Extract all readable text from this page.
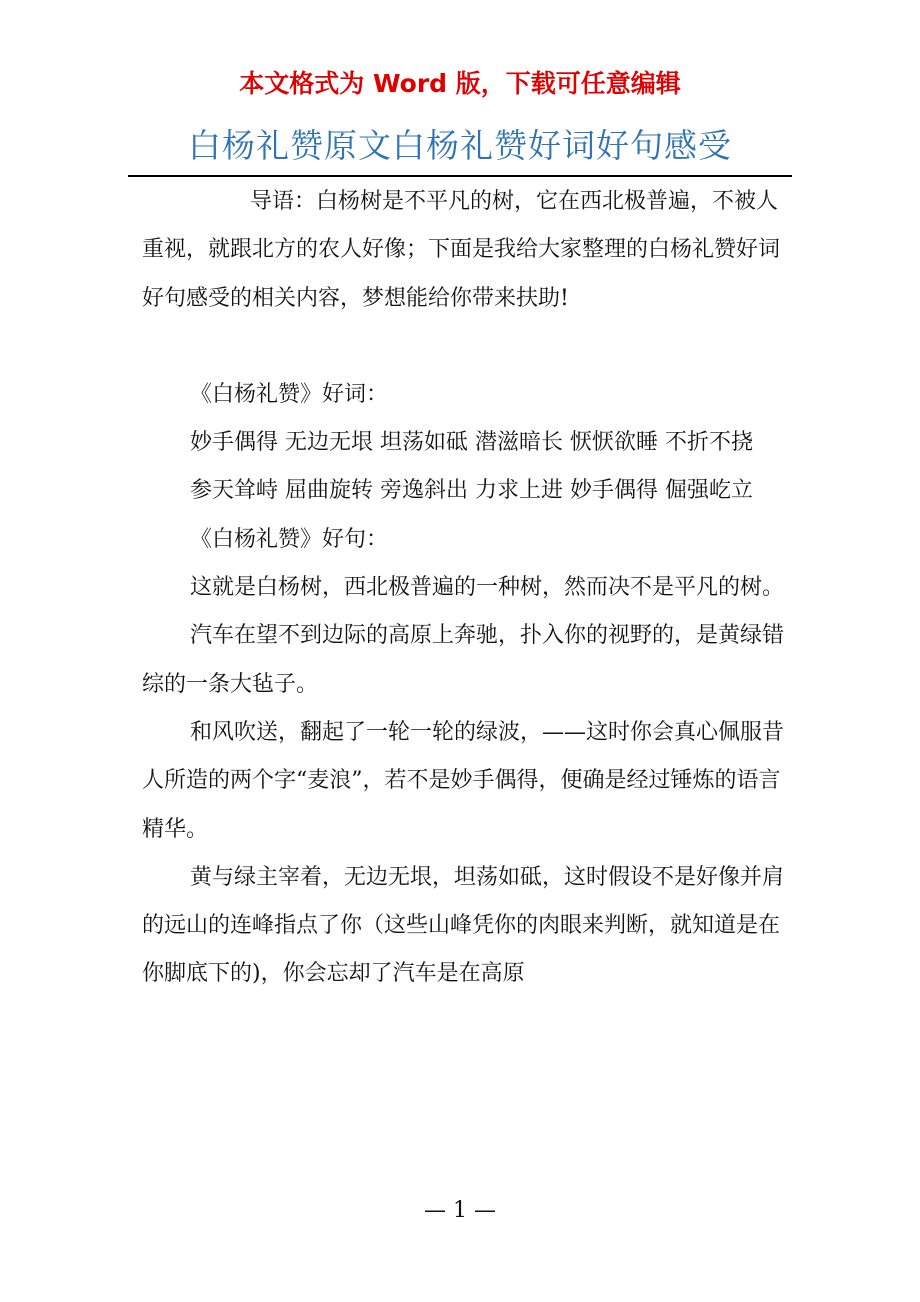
本文格式为 Word 版，下载可任意编辑
白杨礼赞原文白杨礼赞好词好句感受

导语：白杨树是不平凡的树，它在西北极普遍，不被人重视，就跟北方的农人好像；下面是我给大家整理的白杨礼赞好词好句感受的相关内容，梦想能给你带来扶助!

《白杨礼赞》好词：

妙手偶得 无边无垠 坦荡如砥 潜滋暗长 恹恹欲睡 不折不挠

参天耸峙 屈曲旋转 旁逸斜出 力求上进 妙手偶得 倔强屹立

《白杨礼赞》好句：

这就是白杨树，西北极普遍的一种树，然而决不是平凡的树。

汽车在望不到边际的高原上奔驰，扑入你的视野的，是黄绿错综的一条大毡子。

和风吹送，翻起了一轮一轮的绿波，——这时你会真心佩服昔人所造的两个字“麦浪”，若不是妙手偶得，便确是经过锤炼的语言精华。

黄与绿主宰着，无边无垠，坦荡如砥，这时假设不是好像并肩的远山的连峰指点了你（这些山峰凭你的肉眼来判断，就知道是在你脚底下的)，你会忘却了汽车是在高原

— 1 —
